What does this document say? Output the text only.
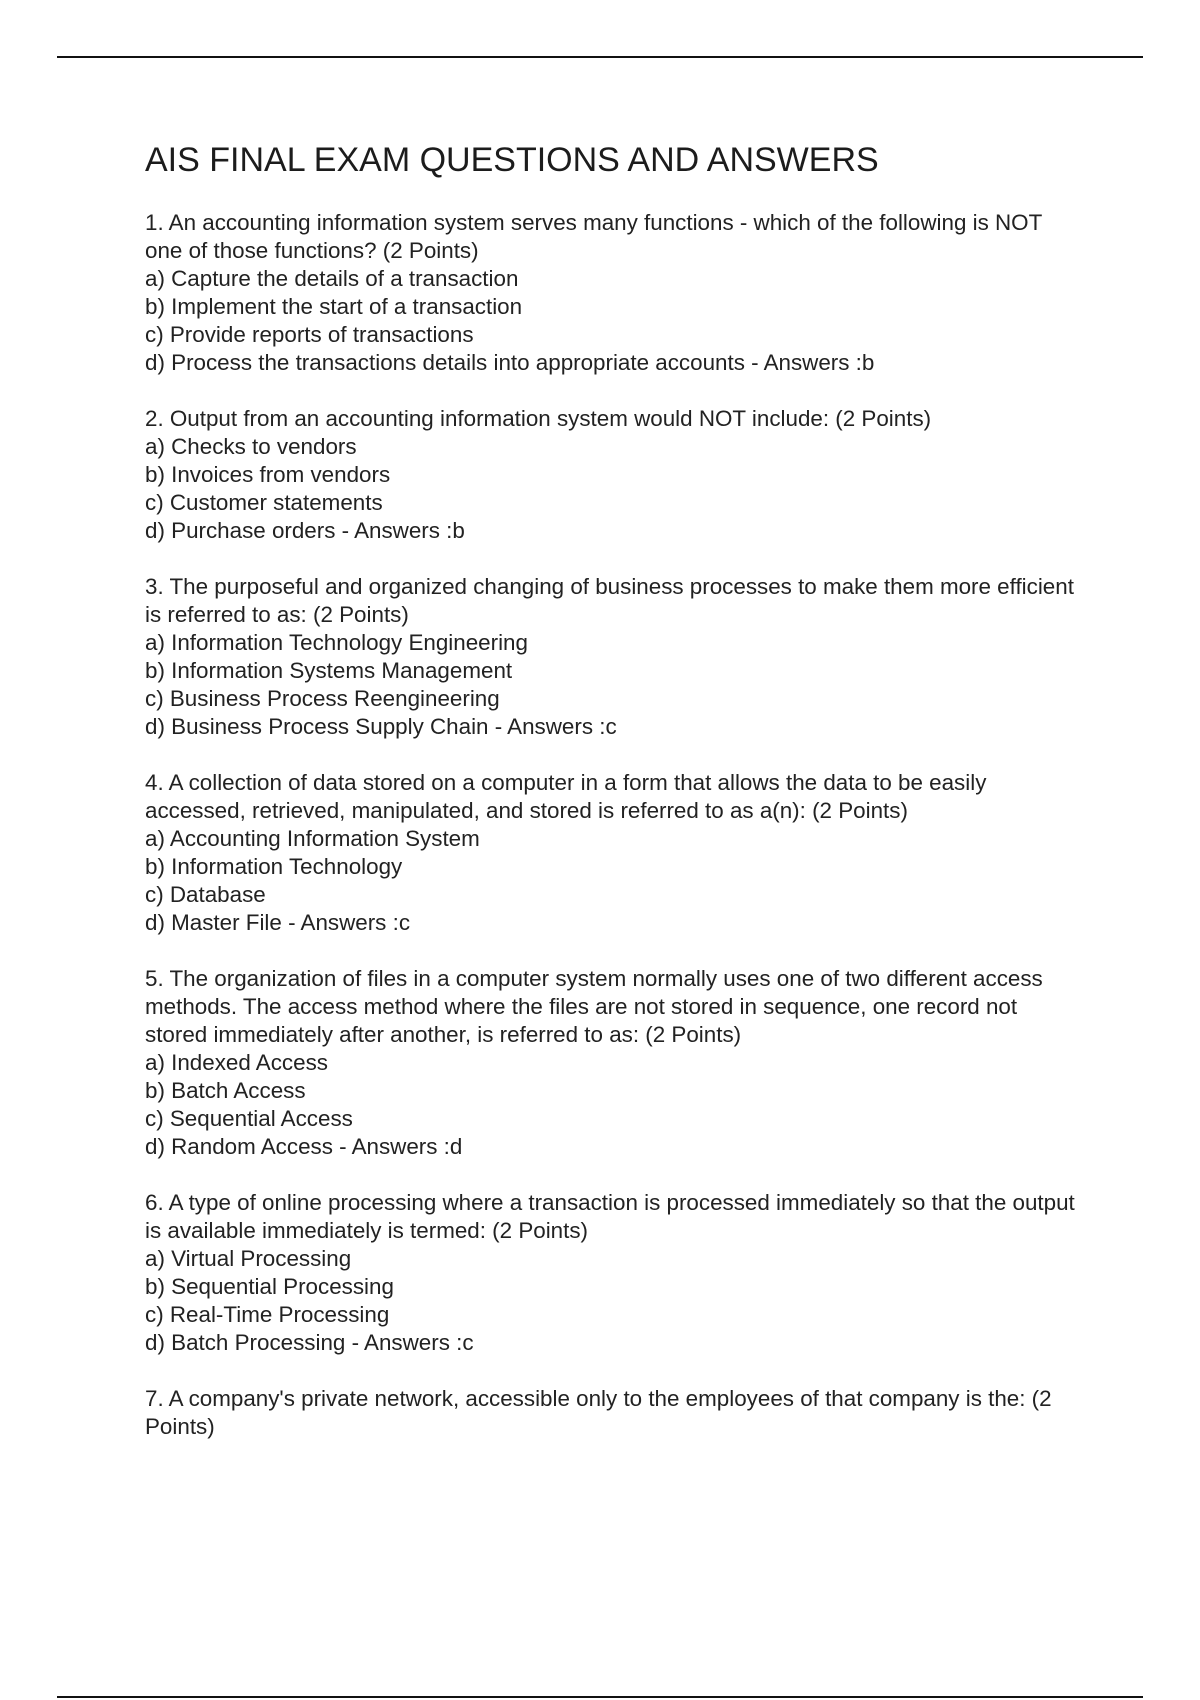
AIS FINAL EXAM QUESTIONS AND ANSWERS

1. An accounting information system serves many functions - which of the following is NOT one of those functions? (2 Points)

a) Capture the details of a transaction
b) Implement the start of a transaction
c) Provide reports of transactions
d) Process the transactions details into appropriate accounts - Answers :b

2. Output from an accounting information system would NOT include: (2 Points)

a) Checks to vendors
b) Invoices from vendors
c) Customer statements
d) Purchase orders - Answers :b

3. The purposeful and organized changing of business processes to make them more efficient is referred to as: (2 Points)

a) Information Technology Engineering
b) Information Systems Management
c) Business Process Reengineering
d) Business Process Supply Chain - Answers :c

4. A collection of data stored on a computer in a form that allows the data to be easily accessed, retrieved, manipulated, and stored is referred to as a(n): (2 Points)

a) Accounting Information System
b) Information Technology
c) Database
d) Master File - Answers :c

5. The organization of files in a computer system normally uses one of two different access methods. The access method where the files are not stored in sequence, one record not stored immediately after another, is referred to as: (2 Points)

a) Indexed Access
b) Batch Access
c) Sequential Access
d) Random Access - Answers :d

6. A type of online processing where a transaction is processed immediately so that the output is available immediately is termed: (2 Points)

a) Virtual Processing
b) Sequential Processing
c) Real-Time Processing
d) Batch Processing - Answers :c

7. A company's private network, accessible only to the employees of that company is the: (2 Points)
